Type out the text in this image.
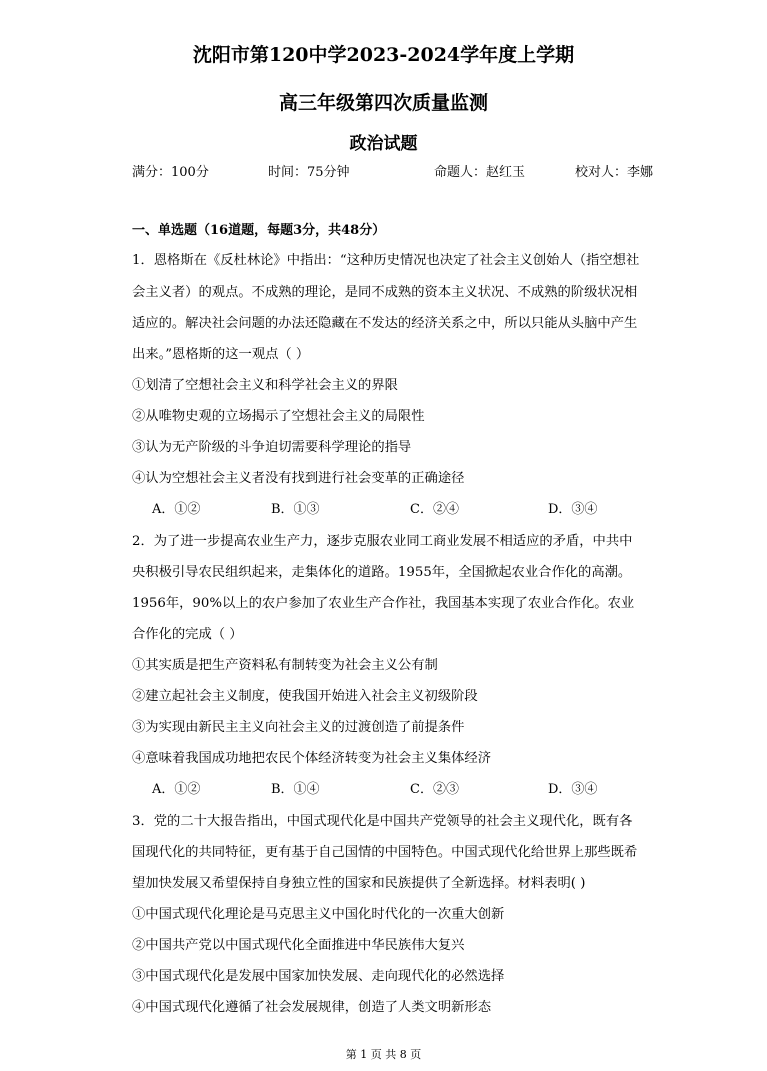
沈阳市第120中学2023-2024学年度上学期
高三年级第四次质量监测
政治试题
满分：100分	时间：75分钟	命题人：赵红玉	校对人：李娜
一、单选题（16道题，每题3分，共48分）
1．恩格斯在《反杜林论》中指出：“这种历史情况也决定了社会主义创始人（指空想社
会主义者）的观点。不成熟的理论，是同不成熟的资本主义状况、不成熟的阶级状况相
适应的。解决社会问题的办法还隐藏在不发达的经济关系之中，所以只能从头脑中产生
出来。”恩格斯的这一观点（ ）
①划清了空想社会主义和科学社会主义的界限
②从唯物史观的立场揭示了空想社会主义的局限性
③认为无产阶级的斗争迫切需要科学理论的指导
④认为空想社会主义者没有找到进行社会变革的正确途径
A．①②	B．①③	C．②④	D．③④
2．为了进一步提高农业生产力，逐步克服农业同工商业发展不相适应的矛盾，中共中
央积极引导农民组织起来，走集体化的道路。1955年，全国掀起农业合作化的高潮。
1956年，90%以上的农户参加了农业生产合作社，我国基本实现了农业合作化。农业
合作化的完成（ ）
①其实质是把生产资料私有制转变为社会主义公有制
②建立起社会主义制度，使我国开始进入社会主义初级阶段
③为实现由新民主主义向社会主义的过渡创造了前提条件
④意味着我国成功地把农民个体经济转变为社会主义集体经济
A．①②	B．①④	C．②③	D．③④
3．党的二十大报告指出，中国式现代化是中国共产党领导的社会主义现代化，既有各
国现代化的共同特征，更有基于自己国情的中国特色。中国式现代化给世界上那些既希
望加快发展又希望保持自身独立性的国家和民族提供了全新选择。材料表明( )
①中国式现代化理论是马克思主义中国化时代化的一次重大创新
②中国共产党以中国式现代化全面推进中华民族伟大复兴
③中国式现代化是发展中国家加快发展、走向现代化的必然选择
④中国式现代化遵循了社会发展规律，创造了人类文明新形态
第 1 页 共 8 页
